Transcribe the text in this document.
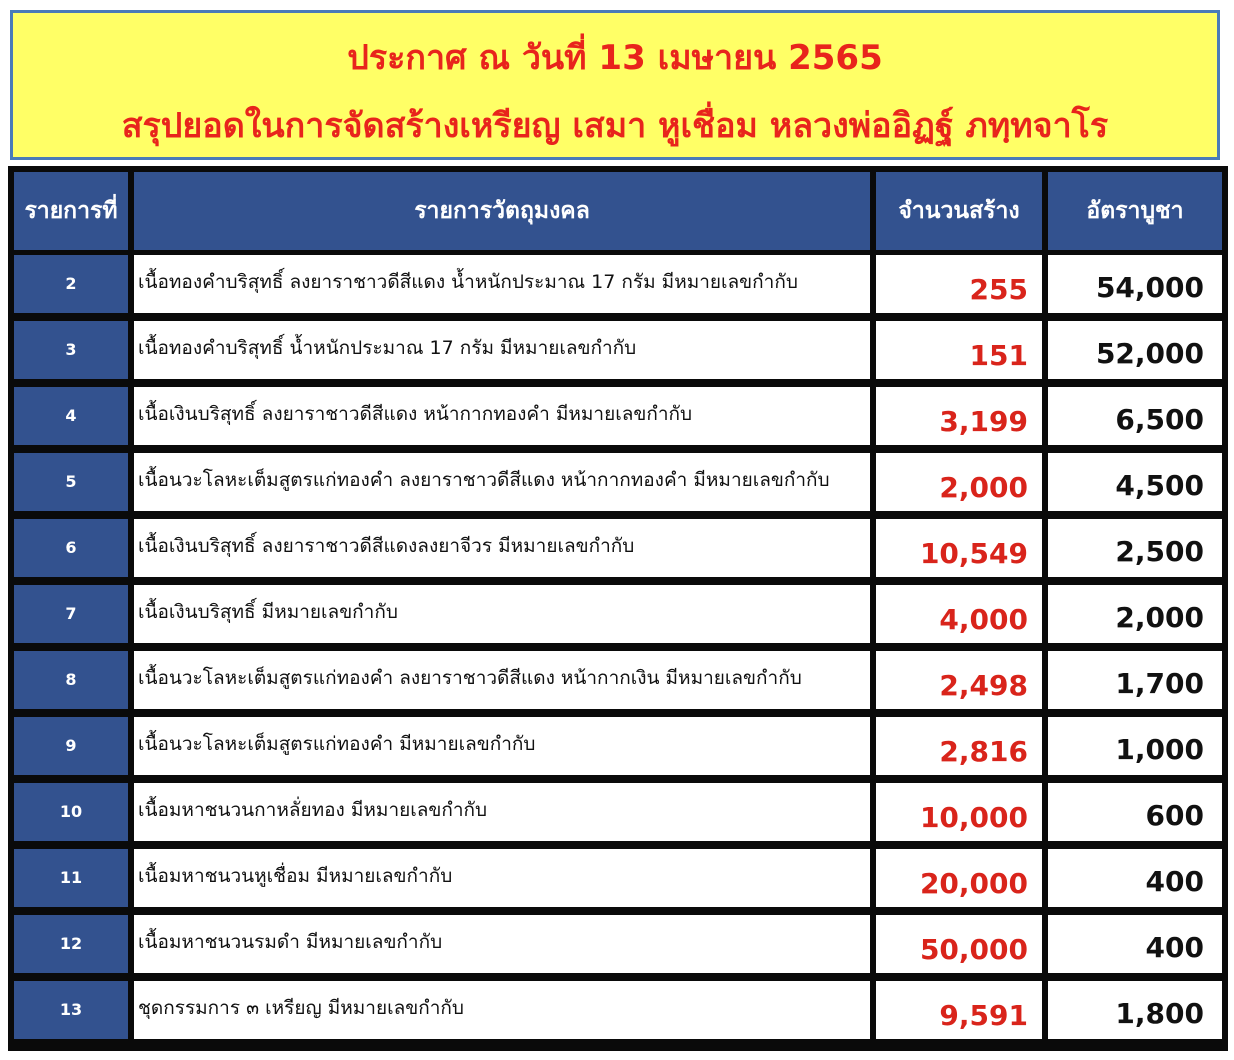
ประกาศ ณ วันที่ 13 เมษายน 2565
สรุปยอดในการจัดสร้างเหรียญ เสมา หูเชื่อม หลวงพ่ออิฏฐ์ ภทฺทจาโร
รายการที่	รายการวัตถุมงคล	จำนวนสร้าง	อัตราบูชา
2	เนื้อทองคำบริสุทธิ์ ลงยาราชาวดีสีแดง น้ำหนักประมาณ 17 กรัม มีหมายเลขกำกับ	255	54,000
3	เนื้อทองคำบริสุทธิ์ น้ำหนักประมาณ 17 กรัม มีหมายเลขกำกับ	151	52,000
4	เนื้อเงินบริสุทธิ์ ลงยาราชาวดีสีแดง หน้ากากทองคำ มีหมายเลขกำกับ	3,199	6,500
5	เนื้อนวะโลหะเต็มสูตรแก่ทองคำ ลงยาราชาวดีสีแดง หน้ากากทองคำ มีหมายเลขกำกับ	2,000	4,500
6	เนื้อเงินบริสุทธิ์ ลงยาราชาวดีสีแดงลงยาจีวร มีหมายเลขกำกับ	10,549	2,500
7	เนื้อเงินบริสุทธิ์ มีหมายเลขกำกับ	4,000	2,000
8	เนื้อนวะโลหะเต็มสูตรแก่ทองคำ ลงยาราชาวดีสีแดง หน้ากากเงิน มีหมายเลขกำกับ	2,498	1,700
9	เนื้อนวะโลหะเต็มสูตรแก่ทองคำ มีหมายเลขกำกับ	2,816	1,000
10	เนื้อมหาชนวนกาหลั่ยทอง มีหมายเลขกำกับ	10,000	600
11	เนื้อมหาชนวนหูเชื่อม มีหมายเลขกำกับ	20,000	400
12	เนื้อมหาชนวนรมดำ มีหมายเลขกำกับ	50,000	400
13	ชุดกรรมการ ๓ เหรียญ มีหมายเลขกำกับ	9,591	1,800
